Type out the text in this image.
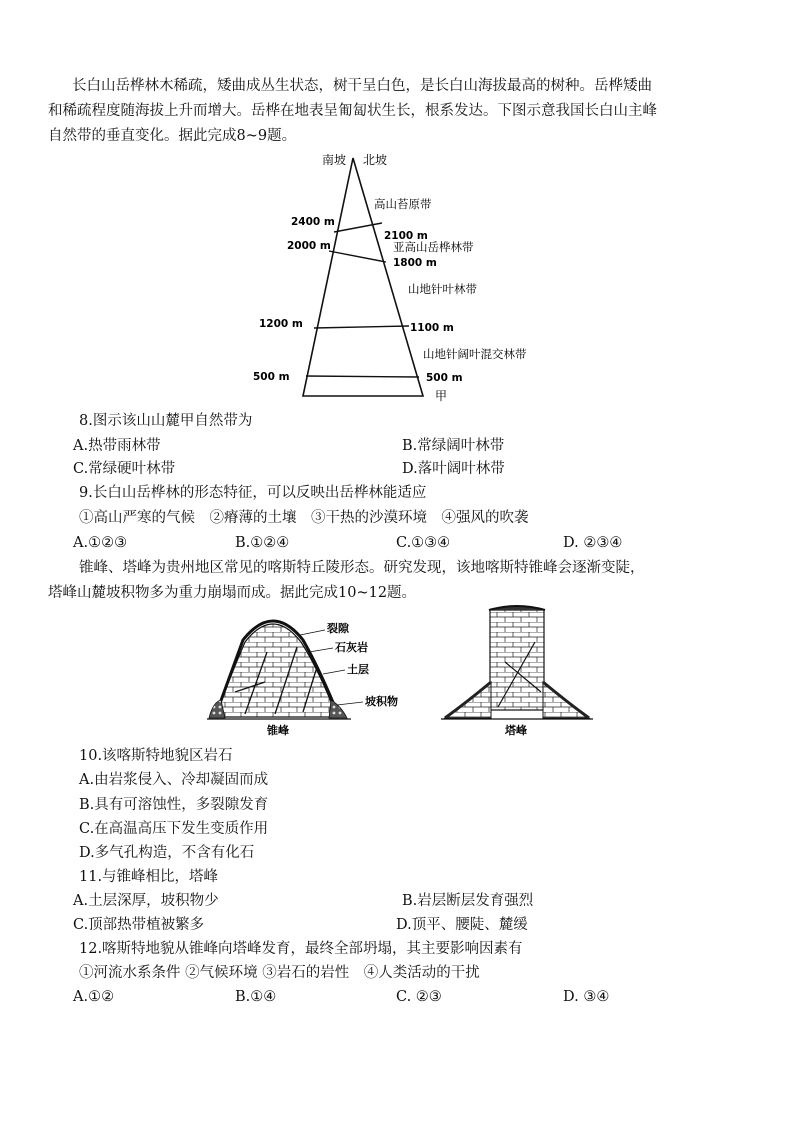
长白山岳桦林木稀疏，矮曲成丛生状态，树干呈白色，是长白山海拔最高的树种。岳桦矮曲
和稀疏程度随海拔上升而增大。岳桦在地表呈匍匐状生长，根系发达。下图示意我国长白山主峰
自然带的垂直变化。据此完成8~9题。
南坡 北坡
高山苔原带
亚高山岳桦林带
山地针叶林带
山地针阔叶混交林带
2400 m
2000 m
1200 m
500 m
2100 m
1800 m
1100 m
500 m
甲
8.图示该山山麓甲自然带为
A.热带雨林带	B.常绿阔叶林带
C.常绿硬叶林带	D.落叶阔叶林带
9.长白山岳桦林的形态特征，可以反映出岳桦林能适应
①高山严寒的气候　②瘠薄的土壤　③干热的沙漠环境　④强风的吹袭
A.①②③	B.①②④	C.①③④	D. ②③④
锥峰、塔峰为贵州地区常见的喀斯特丘陵形态。研究发现，该地喀斯特锥峰会逐渐变陡，
塔峰山麓坡积物多为重力崩塌而成。据此完成10~12题。
裂隙
石灰岩
土层
坡积物
锥峰	塔峰
10.该喀斯特地貌区岩石
A.由岩浆侵入、冷却凝固而成
B.具有可溶蚀性，多裂隙发育
C.在高温高压下发生变质作用
D.多气孔构造，不含有化石
11.与锥峰相比，塔峰
A.土层深厚，坡积物少	B.岩层断层发育强烈
C.顶部热带植被繁多	D.顶平、腰陡、麓缓
12.喀斯特地貌从锥峰向塔峰发育，最终全部坍塌，其主要影响因素有
①河流水系条件 ②气候环境 ③岩石的岩性　④人类活动的干扰
A.①②	B.①④	C. ②③	D. ③④
